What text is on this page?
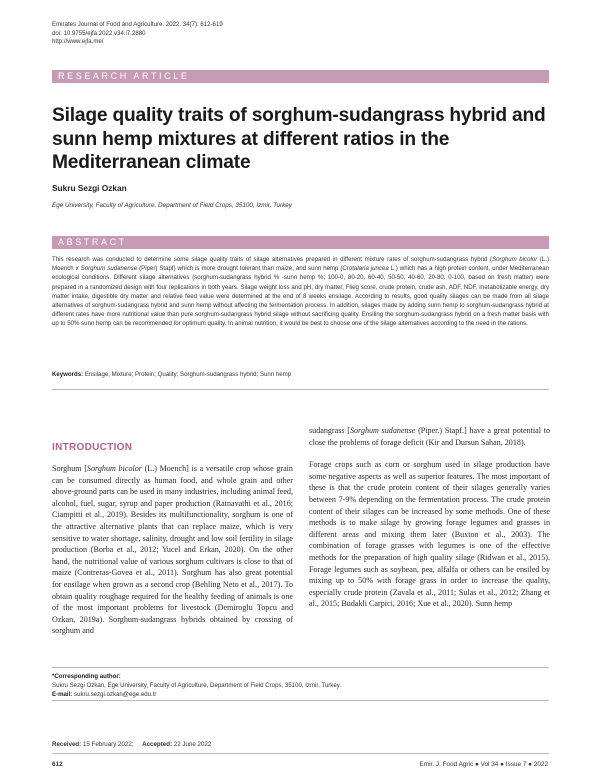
Emirates Journal of Food and Agriculture. 2022. 34(7): 612-619
doi: 10.9755/ejfa.2022.v34.i7.2880
http://www.ejfa.me/
RESEARCH ARTICLE
Silage quality traits of sorghum-sudangrass hybrid and sunn hemp mixtures at different ratios in the Mediterranean climate
Sukru Sezgi Ozkan
Ege University, Faculty of Agriculture, Department of Field Crops, 35100, Izmir, Turkey
ABSTRACT
This research was conducted to determine some silage quality traits of silage alternatives prepared in different mixture rates of sorghum-sudangrass hybrid (Sorghum bicolor (L.) Moench x Sorghum sudanense (Piper) Stapf) which is more drought tolerant than maize, and sunn hemp (Crotalaria juncea L.) which has a high protein content, under Mediterranean ecological conditions. Different silage alternatives (sorghum-sudangrass hybrid % -sunn hemp %; 100-0, 80-20, 60-40, 50-50, 40-60, 20-80, 0-100, based on fresh matter) were prepared in a randomized design with four replications in both years. Silage weight loss and pH, dry matter, Flieg score, crude protein, crude ash, ADF, NDF, metabolizable energy, dry matter intake, digestible dry matter and relative feed value were determined at the end of 8 weeks ensilage. According to results, good quality silages can be made from all silage alternatives of sorghum-sudangrass hybrid and sunn hemp without affecting the fermentation process. In addition, silages made by adding sunn hemp to sorghum-sudangrass hybrid at different rates have more nutritional value than pure sorghum-sudangrass hybrid silage without sacrificing quality. Ensiling the sorghum-sudangrass hybrid on a fresh matter basis with up to 50% sunn hemp can be recommended for optimum quality. In animal nutrition, it would be best to choose one of the silage alternatives according to the need in the rations.
Keywords: Ensilage; Mixture; Protein; Quality; Sorghum-sudangrass hybrid; Sunn hemp
INTRODUCTION

Sorghum [Sorghum bicolor (L.) Moench] is a versatile crop whose grain can be consumed directly as human food, and whole grain and other above-ground parts can be used in many industries, including animal feed, alcohol, fuel, sugar, syrup and paper production (Ratnavathi et al., 2016; Ciampitti et al., 2019). Besides its multifunctionality, sorghum is one of the attractive alternative plants that can replace maize, which is very sensitive to water shortage, salinity, drought and low soil fertility in silage production (Borba et al., 2012; Yucel and Erkan, 2020). On the other hand, the nutritional value of various sorghum cultivars is close to that of maize (Contreras-Govea et al., 2011). Sorghum has also great potential for ensilage when grown as a second crop (Behling Neto et al., 2017). To obtain quality roughage required for the healthy feeding of animals is one of the most important problems for livestock (Demiroglu Topcu and Ozkan, 2019a). Sorghum-sudangrass hybrids obtained by crossing of sorghum and

sudangrass [Sorghum sudanense (Piper.) Stapf.] have a great potential to close the problems of forage deficit (Kir and Dursun Sahan, 2018).

Forage crops such as corn or sorghum used in silage production have some negative aspects as well as superior features. The most important of these is that the crude protein content of their silages generally varies between 7-9% depending on the fermentation process. The crude protein content of their silages can be increased by some methods. One of these methods is to make silage by growing forage legumes and grasses in different areas and mixing them later (Buxton et al., 2003). The combination of forage grasses with legumes is one of the effective methods for the preparation of high quality silage (Ridwan et al., 2015). Forage legumes such as soybean, pea, alfalfa or others can be ensiled by mixing up to 50% with forage grass in order to increase the quality, especially crude protein (Zavala et al., 2011; Sulas et al., 2012; Zhang et al., 2015; Budakli Carpici, 2016; Xue et al., 2020). Sunn hemp

*Corresponding author:
Sukru Sezgi Ozkan, Ege University, Faculty of Agriculture, Department of Field Crops, 35100, Izmir, Turkey.
E-mail: sukru.sezgi.ozkan@ege.edu.tr
Received: 15 February 2022; Accepted: 22 June 2022
612	Emir. J. Food Agric ● Vol 34 ● Issue 7 ● 2022
